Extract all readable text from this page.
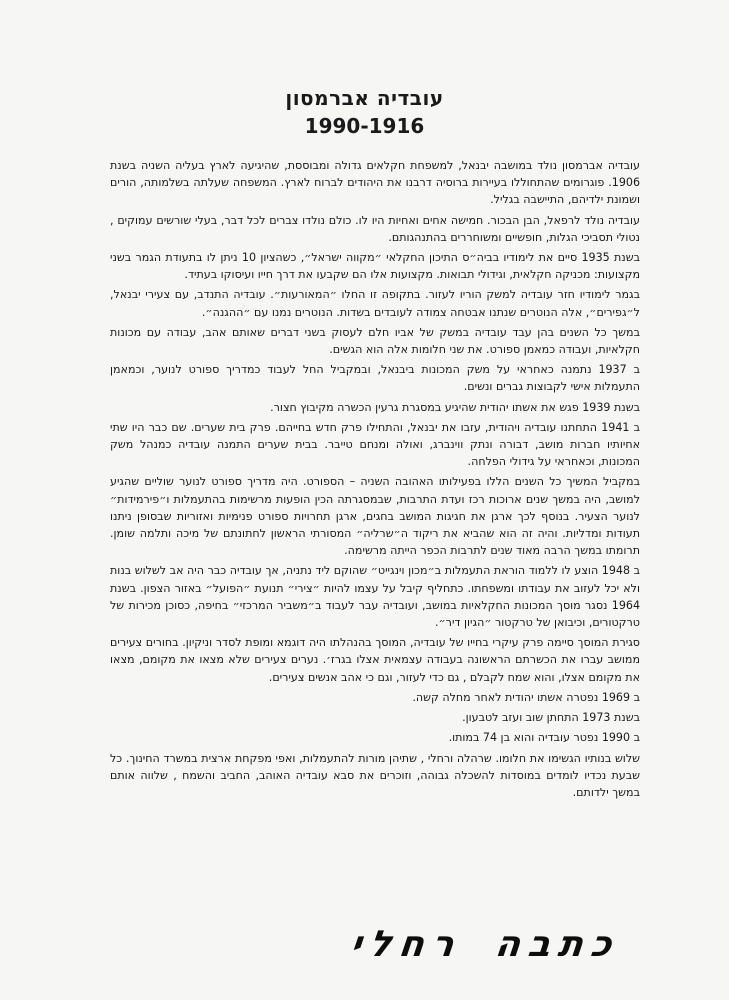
עובדיה אברמסון
1990-1916

עובדיה אברמסון נולד במושבה יבנאל, למשפחת חקלאים גדולה ומבוססת, שהיגיעה לארץ בעליה השניה בשנת 1906. פוגרומים שהתחוללו בעיירות ברוסיה דרבנו את היהודים לברוח לארץ. המשפחה שעלתה בשלמותה, הורים ושמונת ילדיהם, התיישבה בגליל.

עובדיה נולד לרפאל, הבן הבכור. חמישה אחים ואחיות היו לו. כולם נולדו צברים לכל דבר, בעלי שורשים עמוקים , נטולי תסביכי הגלות, חופשיים ומשוחררים בהתנהגותם.

בשנת 1935 סיים את לימודיו בביה״ס התיכון החקלאי ״מקווה ישראל״, כשהציון 10 ניתן לו בתעודת הגמר בשני מקצועות: מכניקה חקלאית, וגידולי תבואות. מקצועות אלו הם שקבעו את דרך חייו ועיסוקו בעתיד.

בגמר לימודיו חזר עובדיה למשק הוריו לעזור. בתקופה זו החלו ״המאורעות״. עובדיה התנדב, עם צעירי יבנאל, ל״גפירים״, אלה הנוטרים שנתנו אבטחה צמודה לעובדים בשדות. הנוטרים נמנו עם ״ההגנה״.

במשך כל השנים בהן עבד עובדיה במשק של אביו חלם לעסוק בשני דברים שאותם אהב, עבודה עם מכונות חקלאיות, ועבודה כמאמן ספורט. את שני חלומות אלה הוא הגשים.

ב 1937 נתמנה כאחראי על משק המכונות ביבנאל, ובמקביל החל לעבוד כמדריך ספורט לנוער, וכמאמן התעמלות אישי לקבוצות גברים ונשים.

בשנת 1939 פגש את אשתו יהודית שהיגיע במסגרת גרעין הכשרה מקיבוץ חצור.

ב 1941 התחתנו עובדיה ויהודית, עזבו את יבנאל, והתחילו פרק חדש בחייהם. פרק בית שערים. שם כבר היו שתי אחיותיו חברות מושב, דבורה ונתק ווינברג, ואולה ומנחם טייבר. בבית שערים התמנה עובדיה כמנהל משק המכונות, וכאחראי על גידולי הפלחה.

במקביל המשיך כל השנים הללו בפעילותו האהובה השניה – הספורט. היה מדריך ספורט לנוער שוליים שהגיע למושב, היה במשך שנים ארוכות רכז ועדת התרבות, שבמסגרתה הכין הופעות מרשימות בהתעמלות ו״פירמידות״ לנוער הצעיר. בנוסף לכך ארגן את חגיגות המושב בחגים, ארגן תחרויות ספורט פנימיות ואזוריות שבסופן ניתנו תעודות ומדליות. והיה זה הוא שהביא את ריקוד ה״שרליה״ המסורתי הראשון לחתונתם של מיכה ותלמה שומן. תרומתו במשך הרבה מאוד שנים לתרבות הכפר הייתה מרשימה.

ב 1948 הוצע לו ללמוד הוראת התעמלות ב״מכון וינגייט״ שהוקם ליד נתניה, אך עובדיה כבר היה אב לשלוש בנות ולא יכל לעזוב את עבודתו ומשפחתו. כתחליף קיבל על עצמו להיות ״צירי״ תנועת ״הפועל״ באזור הצפון. בשנת 1964 נסגר מוסך המכונות החקלאיות במושב, ועובדיה עבר לעבוד ב״משביר המרכזי״ בחיפה, כסוכן מכירות של טרקטורים, וכיבואן של טרקטור ״הגיון דיר״.

סגירת המוסך סיימה פרק עיקרי בחייו של עובדיה, המוסך בהנהלתו היה דוגמא ומופת לסדר וניקיון. בחורים צעירים ממושב עברו את הכשרתם הראשונה בעבודה עצמאית אצלו בגרז׳. נערים צעירים שלא מצאו את מקומם, מצאו את מקומם אצלו, והוא שמח לקבלם , גם כדי לעזור, וגם כי אהב אנשים צעירים.

ב 1969 נפטרה אשתו יהודית לאחר מחלה קשה.

בשנת 1973 התחתן שוב ועזב לטבעון.

ב 1990 נפטר עובדיה והוא בן 74 במותו.

שלוש בנותיו הגשימו את חלומו. שרהלה ורחלי , שתיהן מורות להתעמלות, ואפי מפקחת ארצית במשרד החינוך. כל שבעת נכדיו לומדים במוסדות להשכלה גבוהה, וזוכרים את סבא עובדיה האוהב, החביב והשמח , שלווה אותם במשך ילדותם.

כתבהרחלי
